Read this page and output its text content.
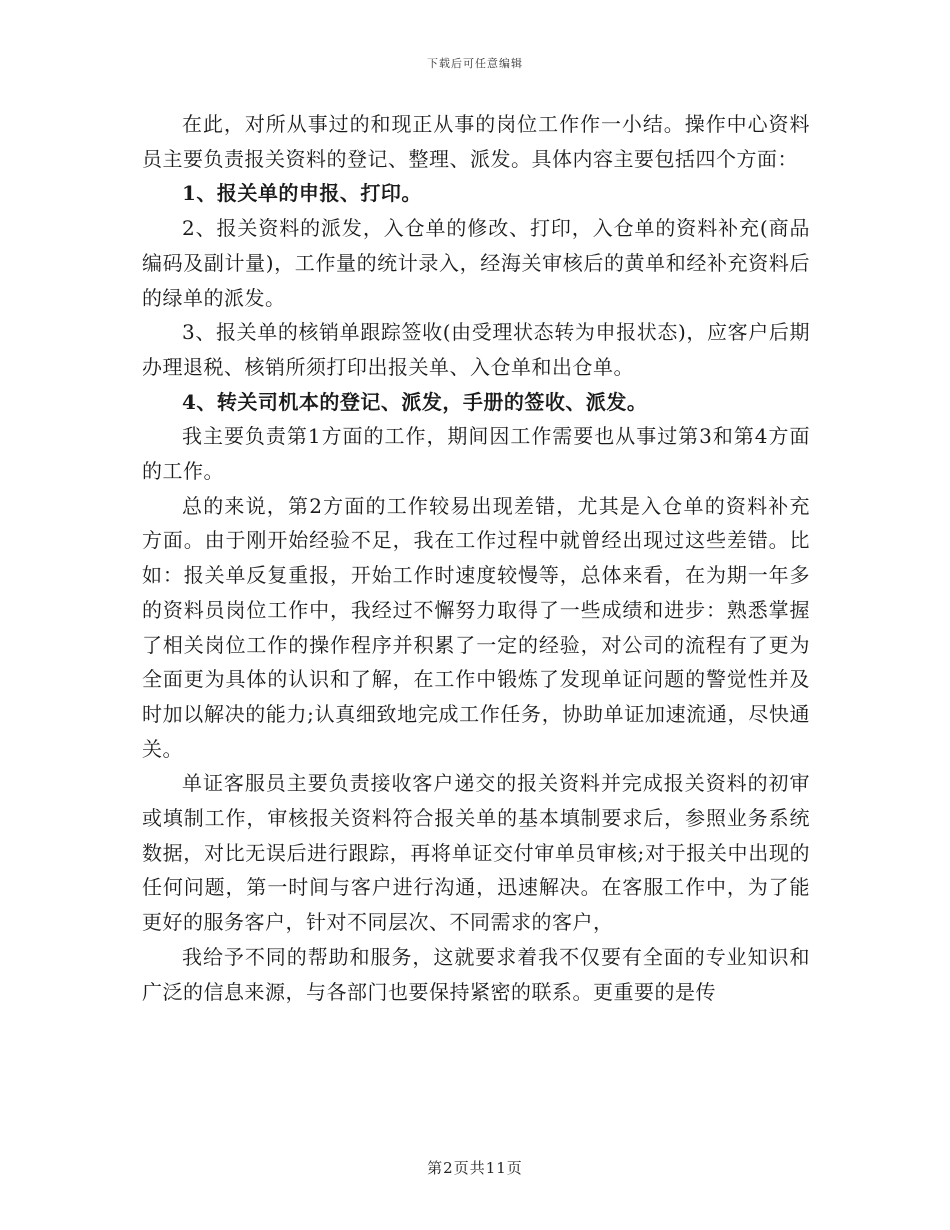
下载后可任意编辑

在此，对所从事过的和现正从事的岗位工作作一小结。操作中心资料员主要负责报关资料的登记、整理、派发。具体内容主要包括四个方面：

1、报关单的申报、打印。

2、报关资料的派发，入仓单的修改、打印，入仓单的资料补充(商品编码及副计量)，工作量的统计录入，经海关审核后的黄单和经补充资料后的绿单的派发。

3、报关单的核销单跟踪签收(由受理状态转为申报状态)，应客户后期办理退税、核销所须打印出报关单、入仓单和出仓单。

4、转关司机本的登记、派发，手册的签收、派发。

我主要负责第1方面的工作，期间因工作需要也从事过第3和第4方面的工作。

总的来说，第2方面的工作较易出现差错，尤其是入仓单的资料补充方面。由于刚开始经验不足，我在工作过程中就曾经出现过这些差错。比如：报关单反复重报，开始工作时速度较慢等，总体来看，在为期一年多的资料员岗位工作中，我经过不懈努力取得了一些成绩和进步：熟悉掌握了相关岗位工作的操作程序并积累了一定的经验，对公司的流程有了更为全面更为具体的认识和了解，在工作中锻炼了发现单证问题的警觉性并及时加以解决的能力;认真细致地完成工作任务，协助单证加速流通，尽快通关。

单证客服员主要负责接收客户递交的报关资料并完成报关资料的初审或填制工作，审核报关资料符合报关单的基本填制要求后，参照业务系统数据，对比无误后进行跟踪，再将单证交付审单员审核;对于报关中出现的任何问题，第一时间与客户进行沟通，迅速解决。在客服工作中，为了能更好的服务客户，针对不同层次、不同需求的客户，

我给予不同的帮助和服务，这就要求着我不仅要有全面的专业知识和广泛的信息来源，与各部门也要保持紧密的联系。更重要的是传

第2页共11页
